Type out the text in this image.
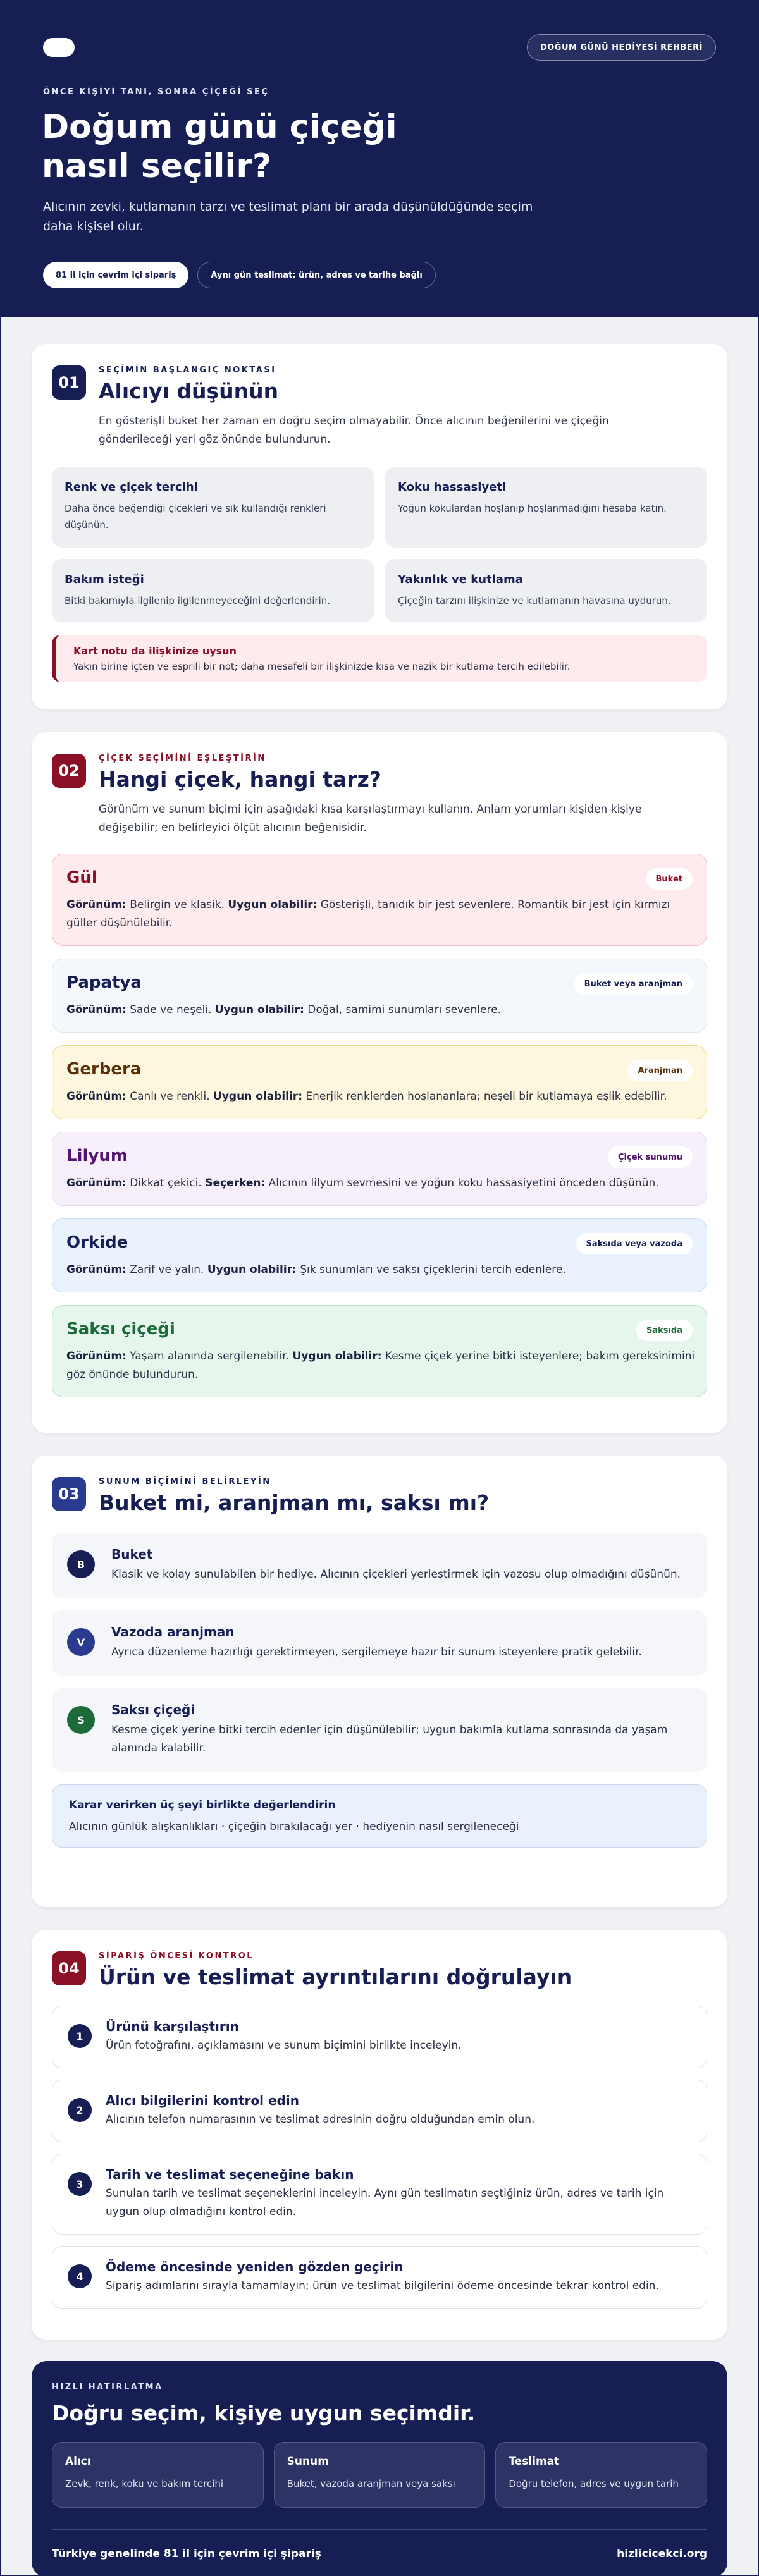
DOĞUM GÜNÜ HEDİYESİ REHBERİ
ÖNCE KİŞİYİ TANI, SONRA ÇİÇEĞİ SEÇ
Doğum günü çiçeği nasıl seçilir?

Alıcının zevki, kutlamanın tarzı ve teslimat planı bir arada düşünüldüğünde seçim daha kişisel olur.

81 il için çevrim içi sipariş	Aynı gün teslimat: ürün, adres ve tarihe bağlı
01
SEÇİMİN BAŞLANGIÇ NOKTASI
Alıcıyı düşünün

En gösterişli buket her zaman en doğru seçim olmayabilir. Önce alıcının beğenilerini ve çiçeğin gönderileceği yeri göz önünde bulundurun.

Renk ve çiçek tercihi
Daha önce beğendiği çiçekleri ve sık kullandığı renkleri düşünün.
Koku hassasiyeti
Yoğun kokulardan hoşlanıp hoşlanmadığını hesaba katın.
Bakım isteği
Bitki bakımıyla ilgilenip ilgilenmeyeceğini değerlendirin.
Yakınlık ve kutlama
Çiçeğin tarzını ilişkinize ve kutlamanın havasına uydurun.
Kart notu da ilişkinize uysun
Yakın birine içten ve esprili bir not; daha mesafeli bir ilişkinizde kısa ve nazik bir kutlama tercih edilebilir.
02
ÇİÇEK SEÇİMİNİ EŞLEŞTİRİN
Hangi çiçek, hangi tarz?

Görünüm ve sunum biçimi için aşağıdaki kısa karşılaştırmayı kullanın. Anlam yorumları kişiden kişiye değişebilir; en belirleyici ölçüt alıcının beğenisidir.

Gül	Buket
Görünüm: Belirgin ve klasik. Uygun olabilir: Gösterişli, tanıdık bir jest sevenlere. Romantik bir jest için kırmızı güller düşünülebilir.
Papatya	Buket veya aranjman
Görünüm: Sade ve neşeli. Uygun olabilir: Doğal, samimi sunumları sevenlere.
Gerbera	Aranjman
Görünüm: Canlı ve renkli. Uygun olabilir: Enerjik renklerden hoşlananlara; neşeli bir kutlamaya eşlik edebilir.
Lilyum	Çiçek sunumu
Görünüm: Dikkat çekici. Seçerken: Alıcının lilyum sevmesini ve yoğun koku hassasiyetini önceden düşünün.
Orkide	Saksıda veya vazoda
Görünüm: Zarif ve yalın. Uygun olabilir: Şık sunumları ve saksı çiçeklerini tercih edenlere.
Saksı çiçeği	Saksıda
Görünüm: Yaşam alanında sergilenebilir. Uygun olabilir: Kesme çiçek yerine bitki isteyenlere; bakım gereksinimini göz önünde bulundurun.
03
SUNUM BİÇİMİNİ BELİRLEYİN
Buket mi, aranjman mı, saksı mı?
B
Buket
Klasik ve kolay sunulabilen bir hediye. Alıcının çiçekleri yerleştirmek için vazosu olup olmadığını düşünün.
V
Vazoda aranjman
Ayrıca düzenleme hazırlığı gerektirmeyen, sergilemeye hazır bir sunum isteyenlere pratik gelebilir.
S
Saksı çiçeği
Kesme çiçek yerine bitki tercih edenler için düşünülebilir; uygun bakımla kutlama sonrasında da yaşam alanında kalabilir.
Karar verirken üç şeyi birlikte değerlendirin
Alıcının günlük alışkanlıkları · çiçeğin bırakılacağı yer · hediyenin nasıl sergileneceği
04
SİPARİŞ ÖNCESİ KONTROL
Ürün ve teslimat ayrıntılarını doğrulayın
1
Ürünü karşılaştırın
Ürün fotoğrafını, açıklamasını ve sunum biçimini birlikte inceleyin.
2
Alıcı bilgilerini kontrol edin
Alıcının telefon numarasının ve teslimat adresinin doğru olduğundan emin olun.
3
Tarih ve teslimat seçeneğine bakın
Sunulan tarih ve teslimat seçeneklerini inceleyin. Aynı gün teslimatın seçtiğiniz ürün, adres ve tarih için uygun olup olmadığını kontrol edin.
4
Ödeme öncesinde yeniden gözden geçirin
Sipariş adımlarını sırayla tamamlayın; ürün ve teslimat bilgilerini ödeme öncesinde tekrar kontrol edin.
HIZLI HATIRLATMA
Doğru seçim, kişiye uygun seçimdir.
Alıcı
Zevk, renk, koku ve bakım tercihi
Sunum
Buket, vazoda aranjman veya saksı
Teslimat
Doğru telefon, adres ve uygun tarih
Türkiye genelinde 81 il için çevrim içi şipariş	hizlicicekci.org
